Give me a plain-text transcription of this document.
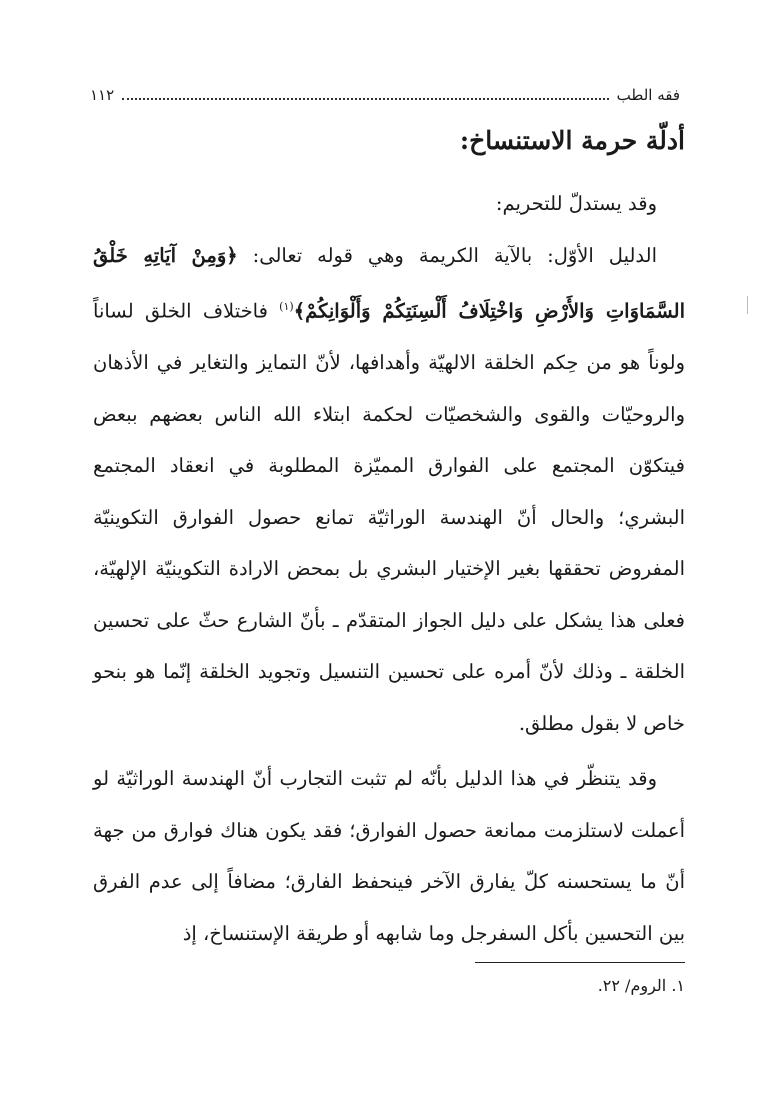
فقه الطب
١١٢
أدلّة حرمة الاستنساخ:

وقد يستدلّ للتحريم:

الدليل الأوّل: بالآية الكريمة وهي قوله تعالى: ﴿وَمِنْ آيَاتِهِ خَلْقُ السَّمَاوَاتِ وَالأَرْضِ وَاخْتِلَافُ أَلْسِنَتِكُمْ وَأَلْوَانِكُمْ﴾$^{(١)}$ فاختلاف الخلق لساناً ولوناً هو من حِكم الخلقة الالهيّة وأهدافها، لأنّ التمايز والتغاير في الأذهان والروحيّات والقوى والشخصيّات لحكمة ابتلاء الله الناس بعضهم ببعض فيتكوّن المجتمع على الفوارق المميّزة المطلوبة في انعقاد المجتمع البشري؛ والحال أنّ الهندسة الوراثيّة تمانع حصول الفوارق التكوينيّة المفروض تحققها بغير الإختيار البشري بل بمحض الارادة التكوينيّة الإلهيّة، فعلى هذا يشكل على دليل الجواز المتقدّم ـ بأنّ الشارع حثّ على تحسين الخلقة ـ وذلك لأنّ أمره على تحسين التنسيل وتجويد الخلقة إنّما هو بنحو خاص لا بقول مطلق.

وقد يتنظّر في هذا الدليل بأنّه لم تثبت التجارب أنّ الهندسة الوراثيّة لو أعملت لاستلزمت ممانعة حصول الفوارق؛ فقد يكون هناك فوارق من جهة أنّ ما يستحسنه كلّ يفارق الآخر فينحفظ الفارق؛ مضافاً إلى عدم الفرق بين التحسين بأكل السفرجل وما شابهه أو طريقة الإستنساخ، إذ

١. الروم/ ٢٢.
